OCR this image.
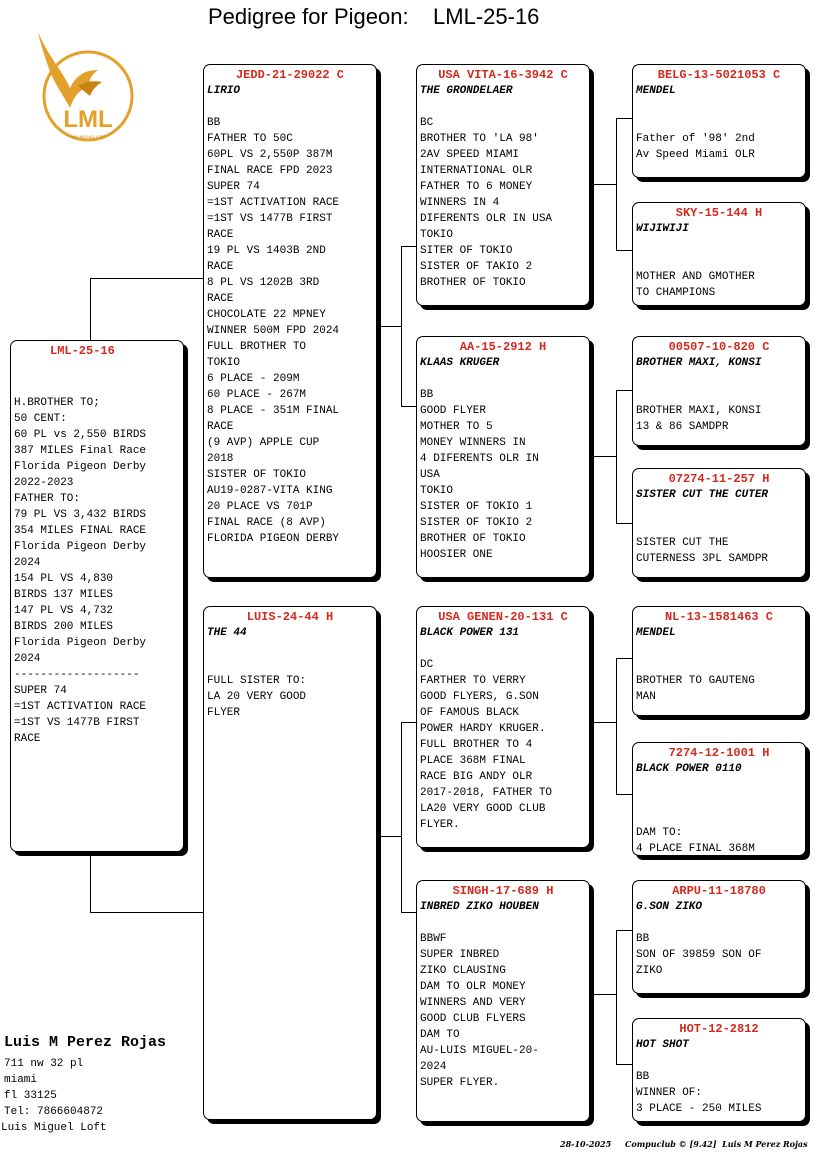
Pedigree for Pigeon:    LML-25-16
LML
LUIS MIGUEL LOFT
LML-25-16
H.BROTHER TO;
50 CENT:
60 PL vs 2,550 BIRDS
387 MILES Final Race
Florida Pigeon Derby
2022-2023
FATHER TO:
79 PL VS 3,432 BIRDS
354 MILES FINAL RACE
Florida Pigeon Derby
2024
154 PL VS 4,830
BIRDS 137 MILES
147 PL VS 4,732
BIRDS 200 MILES
Florida Pigeon Derby
2024
-------------------
SUPER 74
=1ST ACTIVATION RACE
=1ST VS 1477B FIRST
RACE
JEDD-21-29022 C
LIRIO
BB
FATHER TO 50C
60PL VS 2,550P 387M
FINAL RACE FPD 2023
SUPER 74
=1ST ACTIVATION RACE
=1ST VS 1477B FIRST
RACE
19 PL VS 1403B 2ND
RACE
8 PL VS 1202B 3RD
RACE
CHOCOLATE 22 MPNEY
WINNER 500M FPD 2024
FULL BROTHER TO
TOKIO
6 PLACE - 209M
60 PLACE - 267M
8 PLACE - 351M FINAL
RACE
(9 AVP) APPLE CUP
2018
SISTER OF TOKIO
AU19-0287-VITA KING
20 PLACE VS 701P
FINAL RACE (8 AVP)
FLORIDA PIGEON DERBY
LUIS-24-44 H
THE 44
FULL SISTER TO:
LA 20 VERY GOOD
FLYER
USA VITA-16-3942 C
THE GRONDELAER
BC
BROTHER TO 'LA 98'
2AV SPEED MIAMI
INTERNATIONAL OLR
FATHER TO 6 MONEY
WINNERS IN 4
DIFERENTS OLR IN USA
TOKIO
SITER OF TOKIO
SISTER OF TAKIO 2
BROTHER OF TOKIO
AA-15-2912 H
KLAAS KRUGER
BB
GOOD FLYER
MOTHER TO 5
MONEY WINNERS IN
4 DIFERENTS OLR IN
USA
TOKIO
SISTER OF TOKIO 1
SISTER OF TOKIO 2
BROTHER OF TOKIO
HOOSIER ONE
USA GENEN-20-131 C
BLACK POWER 131
DC
FARTHER TO VERRY
GOOD FLYERS, G.SON
OF FAMOUS BLACK
POWER HARDY KRUGER.
FULL BROTHER TO 4
PLACE 368M FINAL
RACE BIG ANDY OLR
2017-2018, FATHER TO
LA20 VERY GOOD CLUB
FLYER.
SINGH-17-689 H
INBRED ZIKO HOUBEN
BBWF
SUPER INBRED
ZIKO CLAUSING
DAM TO OLR MONEY
WINNERS AND VERY
GOOD CLUB FLYERS
DAM TO
AU-LUIS MIGUEL-20-
2024
SUPER FLYER.
BELG-13-5021053 C
MENDEL

Father of '98' 2nd
Av Speed Miami OLR
SKY-15-144 H
WIJIWIJI

MOTHER AND GMOTHER
TO CHAMPIONS
00507-10-820 C
BROTHER MAXI, KONSI

BROTHER MAXI, KONSI
13 & 86 SAMDPR
07274-11-257 H
SISTER CUT THE CUTER

SISTER CUT THE
CUTERNESS 3PL SAMDPR
NL-13-1581463 C
MENDEL

BROTHER TO GAUTENG
MAN
7274-12-1001 H
BLACK POWER 0110

DAM TO:
4 PLACE FINAL 368M
ARPU-11-18780
G.SON ZIKO

BB
SON OF 39859 SON OF
ZIKO
HOT-12-2812
HOT SHOT

BB
WINNER OF:
3 PLACE - 250 MILES
Luis M Perez Rojas
711 nw 32 pl
miami
fl 33125
Tel: 7866604872
Luis Miguel Loft
28-10-2025 Compuclub © [9.42]  Luis M Perez Rojas
